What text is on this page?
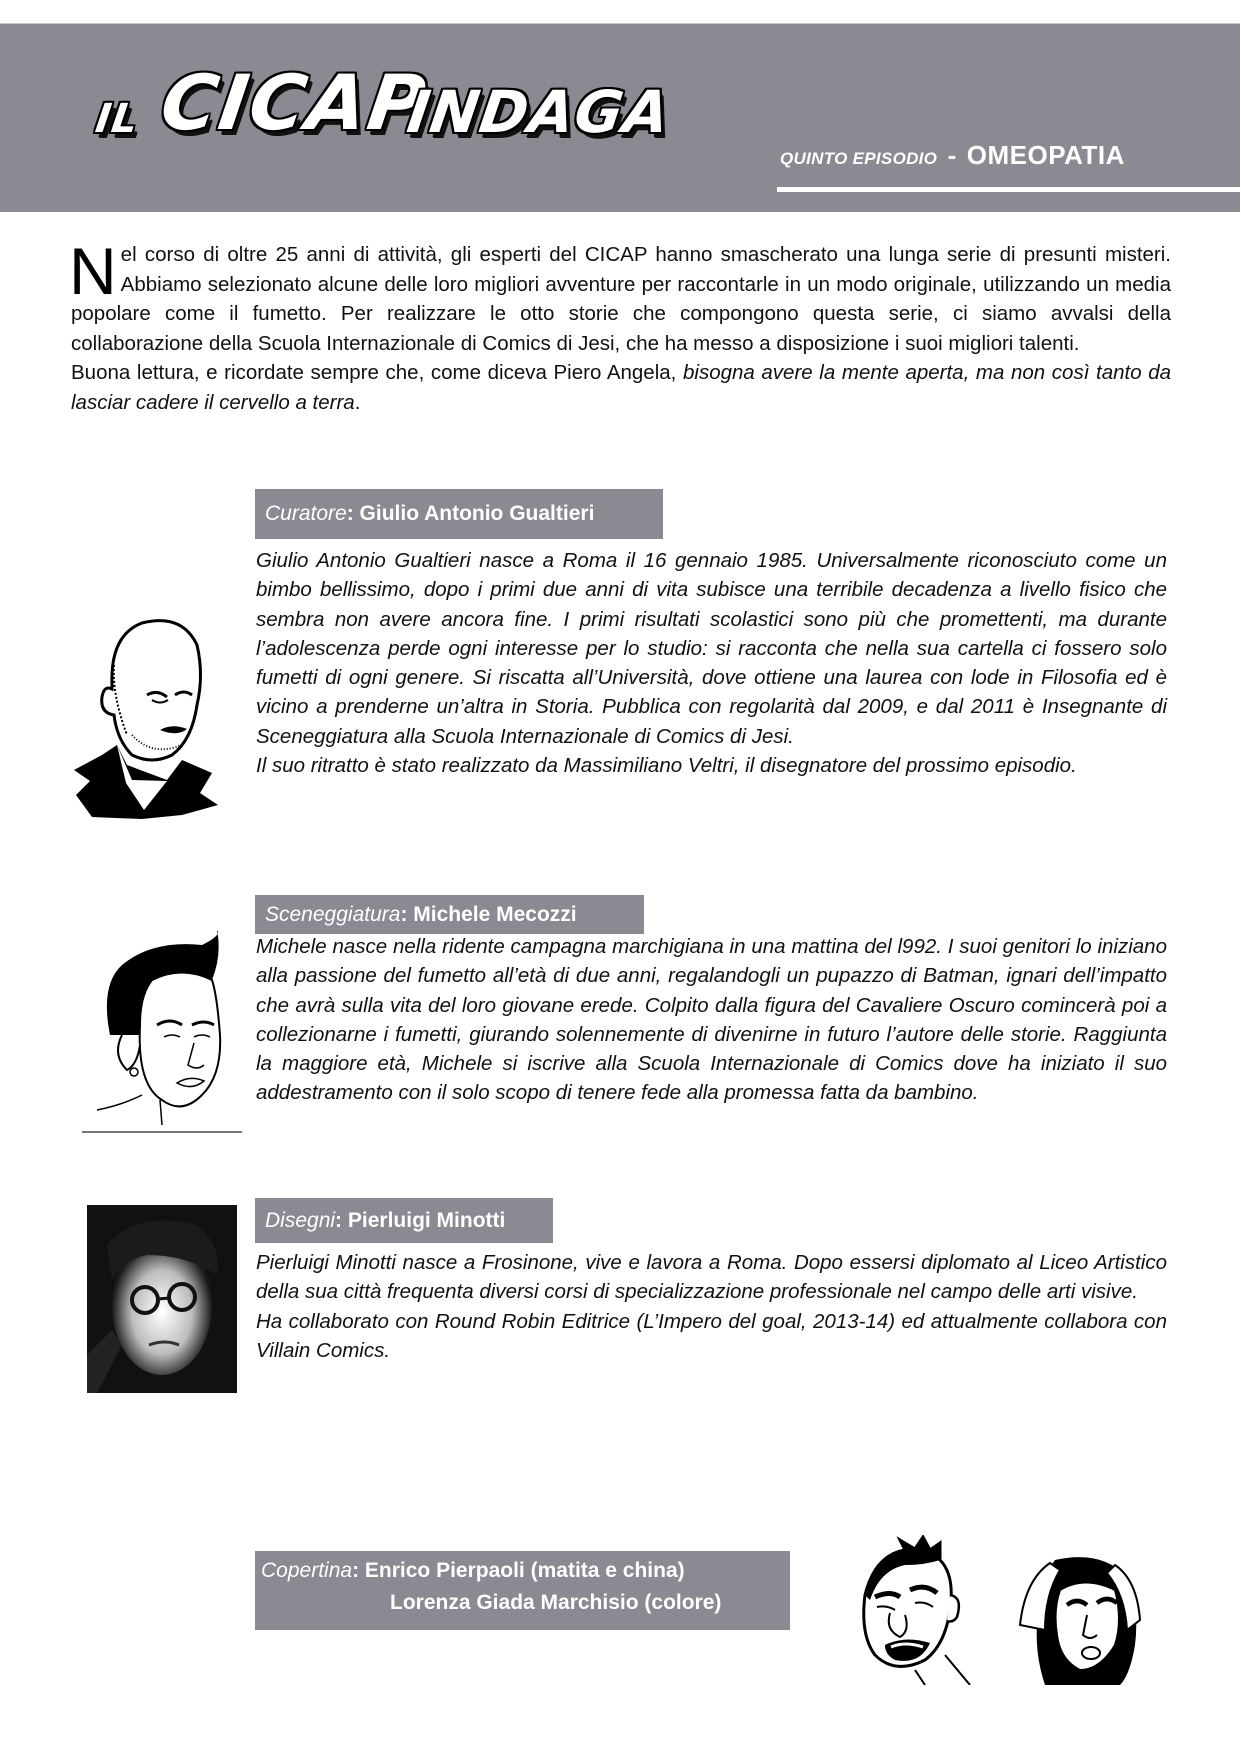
IL CICAP
INDAGA
QUINTO EPISODIO - OMEOPATIA

Nel corso di oltre 25 anni di attività, gli esperti del CICAP hanno smascherato una lunga serie di presunti misteri. Abbiamo selezionato alcune delle loro migliori avventure per raccontarle in un modo originale, utilizzando un media popolare come il fumetto. Per realizzare le otto storie che compongono questa serie, ci siamo avvalsi della collaborazione della Scuola Internazionale di Comics di Jesi, che ha messo a disposizione i suoi migliori talenti.

Buona lettura, e ricordate sempre che, come diceva Piero Angela, bisogna avere la mente aperta, ma non così tanto da lasciar cadere il cervello a terra.

Curatore : Giulio Antonio Gualtieri

Giulio Antonio Gualtieri nasce a Roma il 16 gennaio 1985. Universalmente riconosciuto come un bimbo bellissimo, dopo i primi due anni di vita subisce una terribile decadenza a livello fisico che sembra non avere ancora fine. I primi risultati scolastici sono più che promettenti, ma durante l’adolescenza perde ogni interesse per lo studio: si racconta che nella sua cartella ci fossero solo fumetti di ogni genere. Si riscatta all’Università, dove ottiene una laurea con lode in Filosofia ed è vicino a prenderne un’altra in Storia. Pubblica con regolarità dal 2009, e dal 2011 è Insegnante di Sceneggiatura alla Scuola Internazionale di Comics di Jesi.

Il suo ritratto è stato realizzato da Massimiliano Veltri, il disegnatore del prossimo episodio.

Sceneggiatura : Michele Mecozzi

Michele nasce nella ridente campagna marchigiana in una mattina del l992. I suoi genitori lo iniziano alla passione del fumetto all’età di due anni, regalandogli un pupazzo di Batman, ignari dell’impatto che avrà sulla vita del loro giovane erede. Colpito dalla figura del Cavaliere Oscuro comincerà poi a collezionarne i fumetti, giurando solennemente di divenirne in futuro l’autore delle storie. Raggiunta la maggiore età, Michele si iscrive alla Scuola Internazionale di Comics dove ha iniziato il suo addestramento con il solo scopo di tenere fede alla promessa fatta da bambino.

Disegni : Pierluigi Minotti

Pierluigi Minotti nasce a Frosinone, vive e lavora a Roma. Dopo essersi diplomato al Liceo Artistico della sua città frequenta diversi corsi di specializzazione professionale nel campo delle arti visive.

Ha collaborato con Round Robin Editrice (L’Impero del goal, 2013-14) ed attualmente collabora con Villain Comics.

Copertina: Enrico Pierpaoli (matita e china)
Lorenza Giada Marchisio (colore)
